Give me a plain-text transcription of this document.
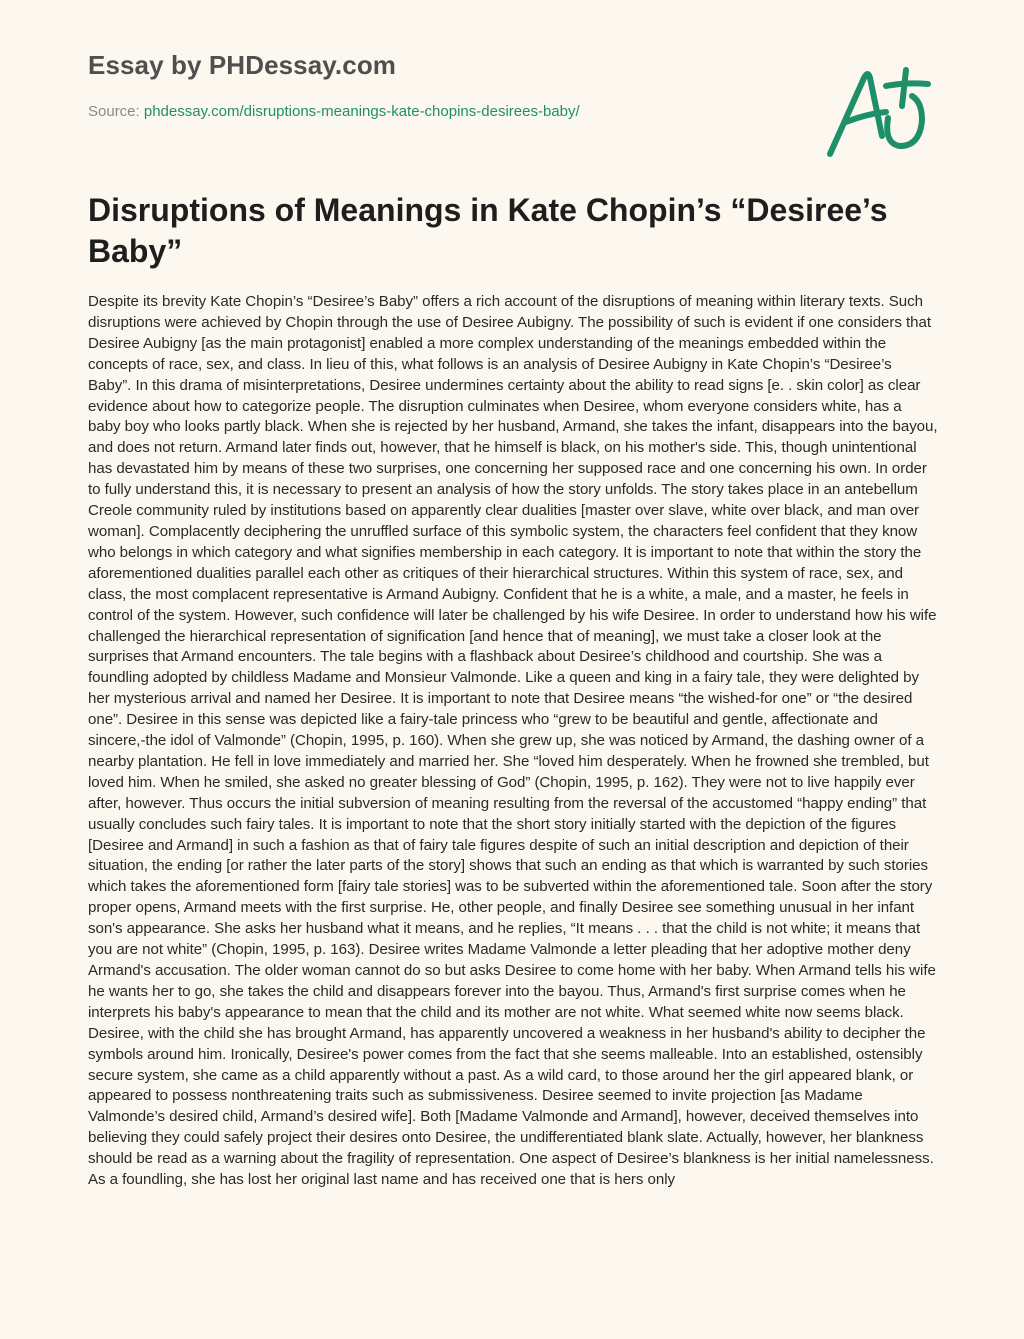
Essay by PHDessay.com
Source: phdessay.com/disruptions-meanings-kate-chopins-desirees-baby/
Disruptions of Meanings in Kate Chopin’s “Desiree’s Baby”

Despite its brevity Kate Chopin’s “Desiree’s Baby” offers a rich account of the disruptions of meaning within literary texts. Such disruptions were achieved by Chopin through the use of Desiree Aubigny. The possibility of such is evident if one considers that Desiree Aubigny [as the main protagonist] enabled a more complex understanding of the meanings embedded within the concepts of race, sex, and class. In lieu of this, what follows is an analysis of Desiree Aubigny in Kate Chopin’s “Desiree’s Baby”. In this drama of misinterpretations, Desiree undermines certainty about the ability to read signs [e. . skin color] as clear evidence about how to categorize people. The disruption culminates when Desiree, whom everyone considers white, has a baby boy who looks partly black. When she is rejected by her husband, Armand, she takes the infant, disappears into the bayou, and does not return. Armand later finds out, however, that he himself is black, on his mother's side. This, though unintentional has devastated him by means of these two surprises, one concerning her supposed race and one concerning his own. In order to fully understand this, it is necessary to present an analysis of how the story unfolds. The story takes place in an antebellum Creole community ruled by institutions based on apparently clear dualities [master over slave, white over black, and man over woman]. Complacently deciphering the unruffled surface of this symbolic system, the characters feel confident that they know who belongs in which category and what signifies membership in each category. It is important to note that within the story the aforementioned dualities parallel each other as critiques of their hierarchical structures. Within this system of race, sex, and class, the most complacent representative is Armand Aubigny. Confident that he is a white, a male, and a master, he feels in control of the system. However, such confidence will later be challenged by his wife Desiree. In order to understand how his wife challenged the hierarchical representation of signification [and hence that of meaning], we must take a closer look at the surprises that Armand encounters. The tale begins with a flashback about Desiree’s childhood and courtship. She was a foundling adopted by childless Madame and Monsieur Valmonde. Like a queen and king in a fairy tale, they were delighted by her mysterious arrival and named her Desiree. It is important to note that Desiree means “the wished-for one” or “the desired one”. Desiree in this sense was depicted like a fairy-tale princess who “grew to be beautiful and gentle, affectionate and sincere,-the idol of Valmonde” (Chopin, 1995, p. 160). When she grew up, she was noticed by Armand, the dashing owner of a nearby plantation. He fell in love immediately and married her. She “loved him desperately. When he frowned she trembled, but loved him. When he smiled, she asked no greater blessing of God” (Chopin, 1995, p. 162). They were not to live happily ever after, however. Thus occurs the initial subversion of meaning resulting from the reversal of the accustomed “happy ending” that usually concludes such fairy tales. It is important to note that the short story initially started with the depiction of the figures [Desiree and Armand] in such a fashion as that of fairy tale figures despite of such an initial description and depiction of their situation, the ending [or rather the later parts of the story] shows that such an ending as that which is warranted by such stories which takes the aforementioned form [fairy tale stories] was to be subverted within the aforementioned tale. Soon after the story proper opens, Armand meets with the first surprise. He, other people, and finally Desiree see something unusual in her infant son's appearance. She asks her husband what it means, and he replies, “It means . . . that the child is not white; it means that you are not white” (Chopin, 1995, p. 163). Desiree writes Madame Valmonde a letter pleading that her adoptive mother deny Armand's accusation. The older woman cannot do so but asks Desiree to come home with her baby. When Armand tells his wife he wants her to go, she takes the child and disappears forever into the bayou. Thus, Armand's first surprise comes when he interprets his baby's appearance to mean that the child and its mother are not white. What seemed white now seems black. Desiree, with the child she has brought Armand, has apparently uncovered a weakness in her husband's ability to decipher the symbols around him. Ironically, Desiree's power comes from the fact that she seems malleable. Into an established, ostensibly secure system, she came as a child apparently without a past. As a wild card, to those around her the girl appeared blank, or appeared to possess nonthreatening traits such as submissiveness. Desiree seemed to invite projection [as Madame Valmonde’s desired child, Armand’s desired wife]. Both [Madame Valmonde and Armand], however, deceived themselves into believing they could safely project their desires onto Desiree, the undifferentiated blank slate. Actually, however, her blankness should be read as a warning about the fragility of representation. One aspect of Desiree’s blankness is her initial namelessness. As a foundling, she has lost her original last name and has received one that is hers only
